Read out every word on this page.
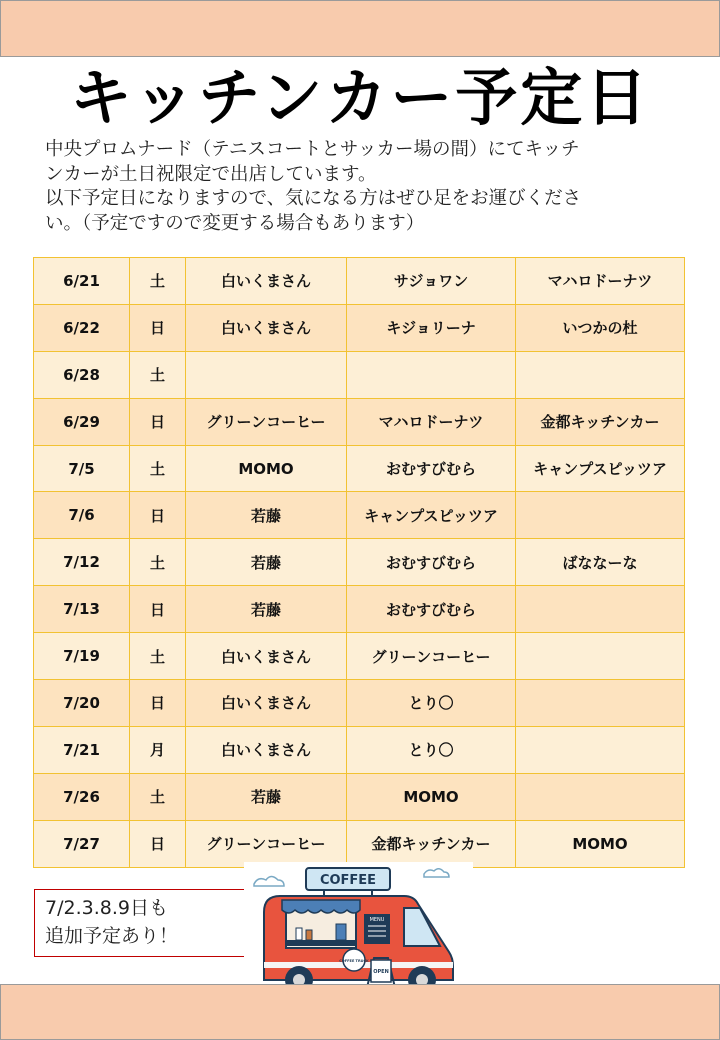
キッチンカー予定日
中央プロムナード（テニスコートとサッカー場の間）にてキッチ
ンカーが土日祝限定で出店しています。
以下予定日になりますので、気になる方はぜひ足をお運びくださ
い。（予定ですので変更する場合もあります）
6/21	土	白いくまさん	サジョワン	マハロドーナツ
6/22	日	白いくまさん	キジョリーナ	いつかの杜
6/28	土			
6/29	日	グリーンコーヒー	マハロドーナツ	金都キッチンカー
7/5	土	MOMO	おむすびむら	キャンプスピッツア
7/6	日	若藤	キャンプスピッツア	
7/12	土	若藤	おむすびむら	ばななーな
7/13	日	若藤	おむすびむら	
7/19	土	白いくまさん	グリーンコーヒー	
7/20	日	白いくまさん	とり〇	
7/21	月	白いくまさん	とり〇	
7/26	土	若藤	MOMO	
7/27	日	グリーンコーヒー	金都キッチンカー	MOMO
7/2.3.8.9日も
追加予定あり！
COFFEE
MENU
COFFEE TRUCK
OPEN
